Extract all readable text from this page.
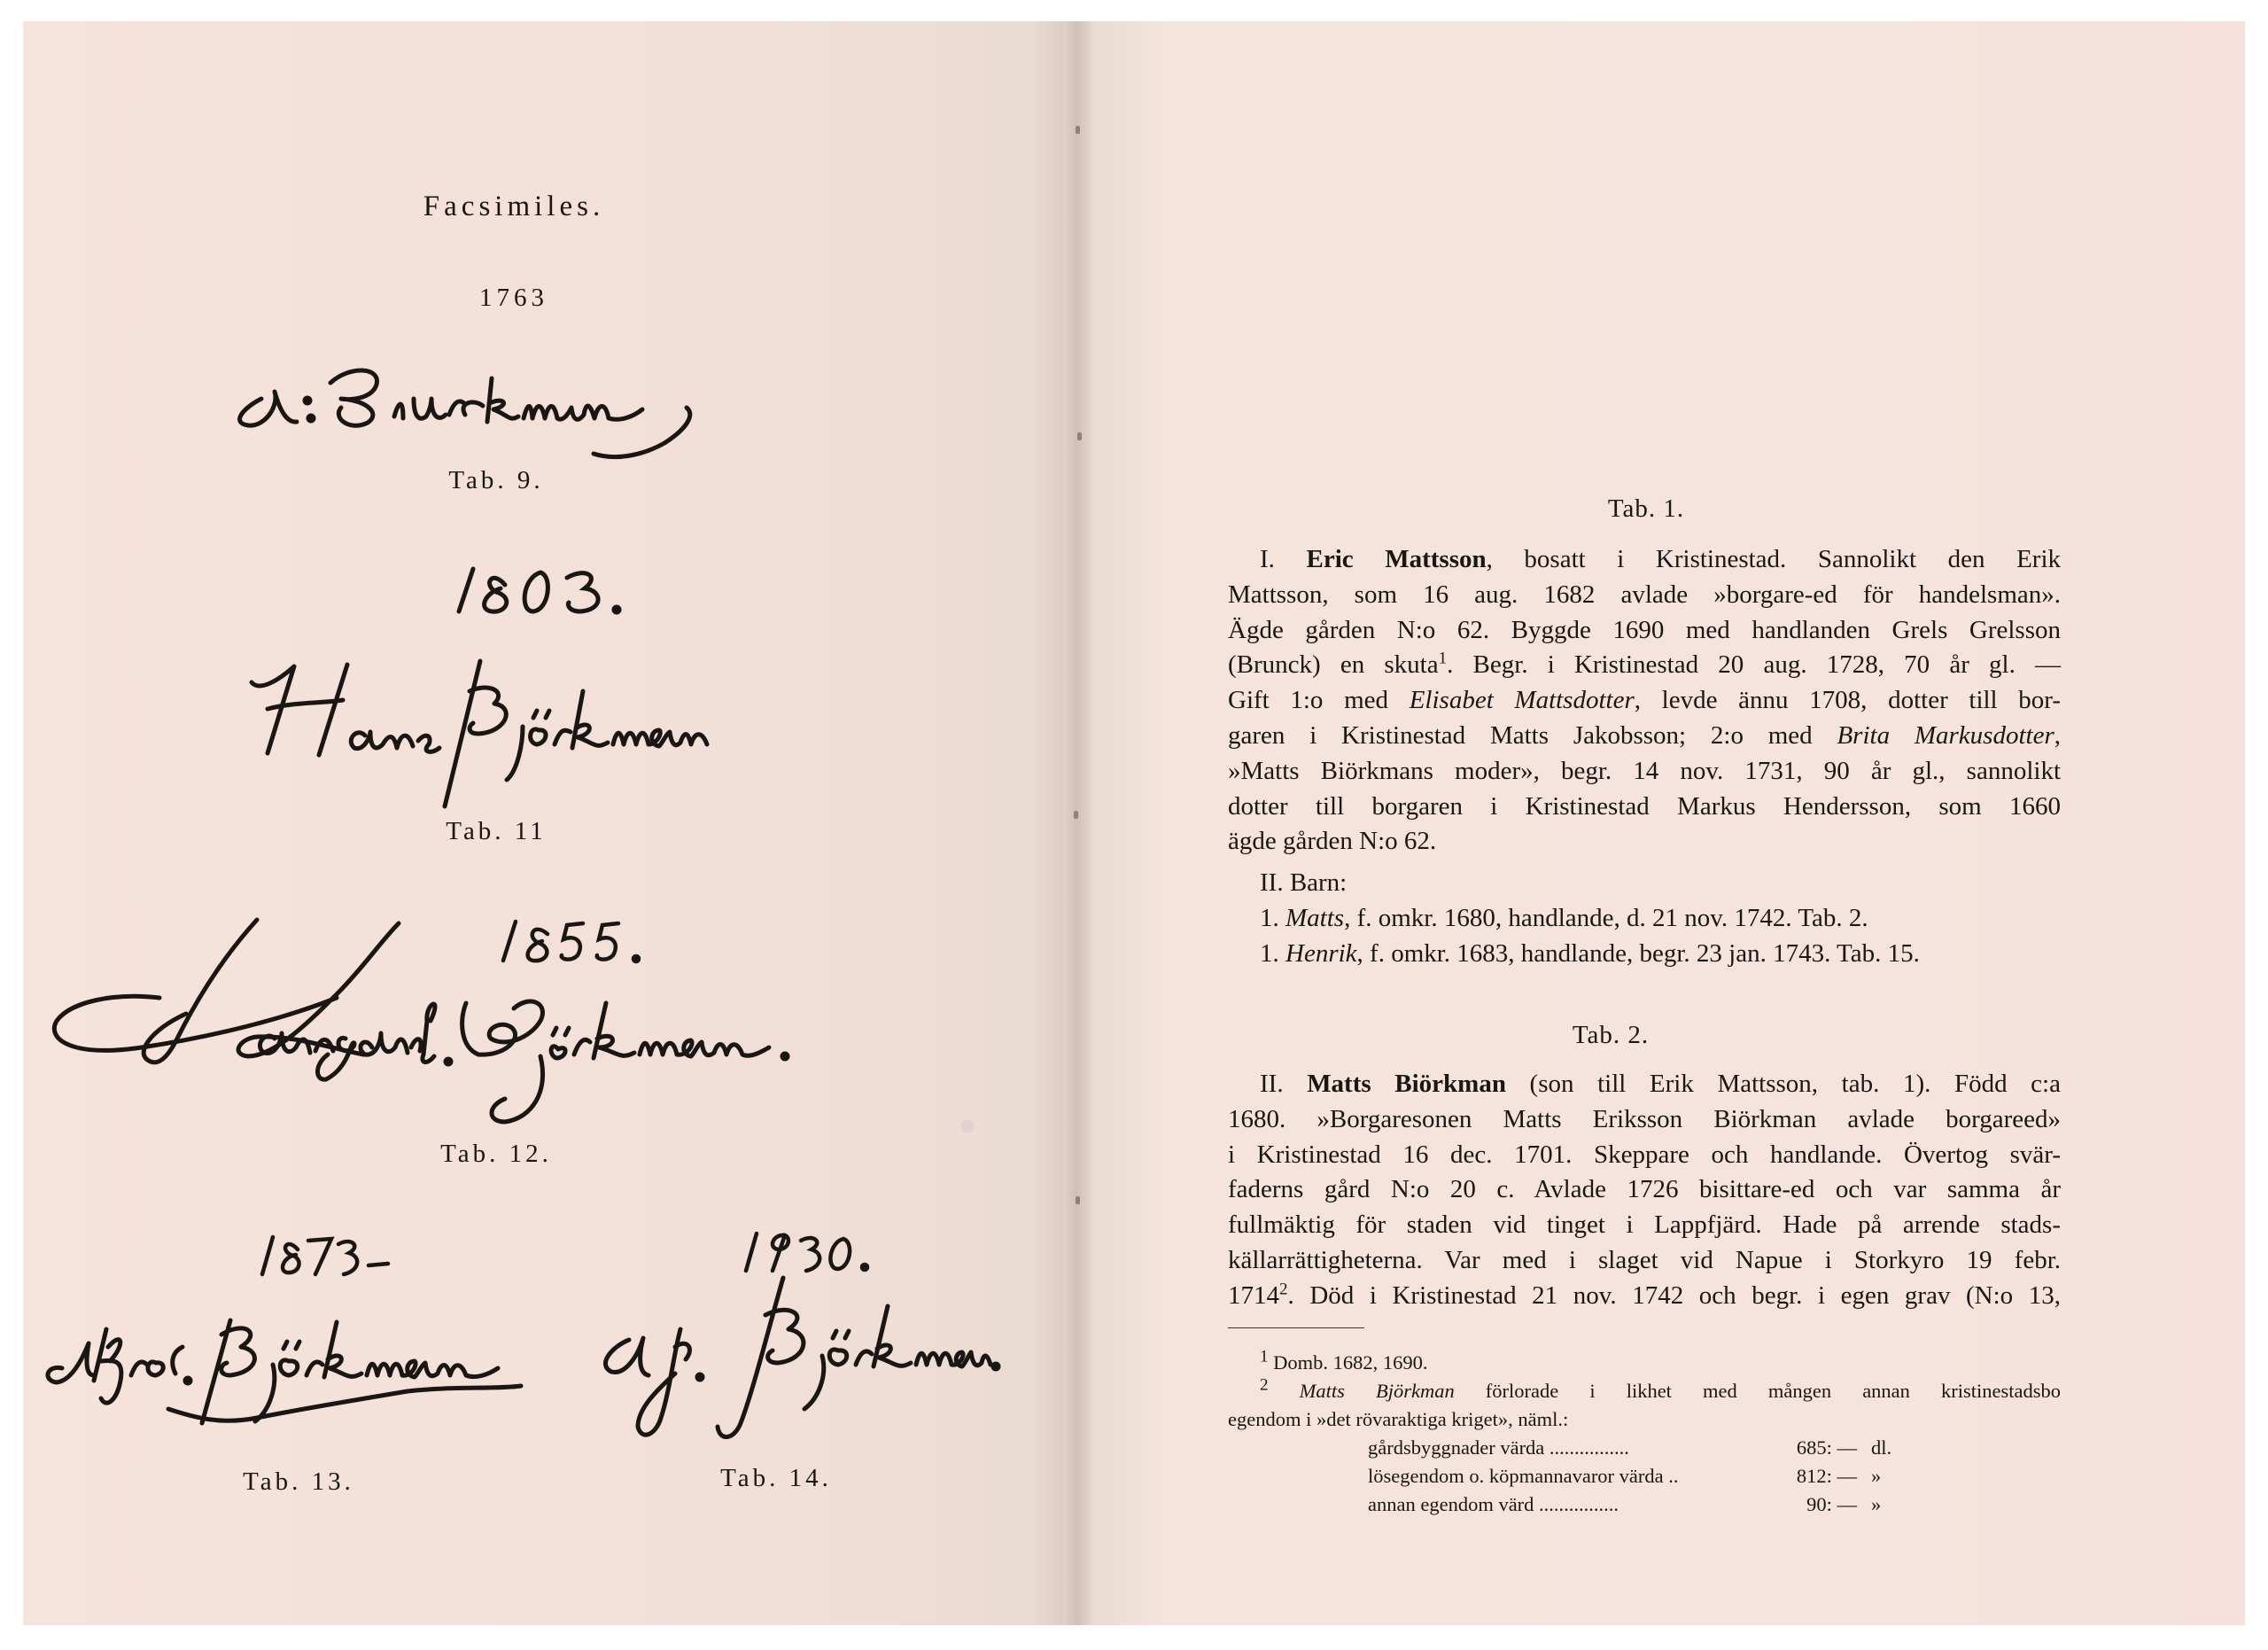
Facsimiles.
1763
Tab. 9.
Tab. 11
Tab. 12.
Tab. 13.	Tab. 14.
Tab. 1.
I. Eric Mattsson, bosatt i Kristinestad. Sannolikt den Erik
Mattsson, som 16 aug. 1682 avlade »borgare-ed för handelsman».
Ägde gården N:o 62. Byggde 1690 med handlanden Grels Grelsson
(Brunck) en skuta$^1$. Begr. i Kristinestad 20 aug. 1728, 70 år gl. —
Gift 1:o med Elisabet Mattsdotter, levde ännu 1708, dotter till bor-
garen i Kristinestad Matts Jakobsson; 2:o med Brita Markusdotter,
»Matts Biörkmans moder», begr. 14 nov. 1731, 90 år gl., sannolikt
dotter till borgaren i Kristinestad Markus Hendersson, som 1660
ägde gården N:o 62.
II. Barn:
1. Matts, f. omkr. 1680, handlande, d. 21 nov. 1742. Tab. 2.
1. Henrik, f. omkr. 1683, handlande, begr. 23 jan. 1743. Tab. 15.
Tab. 2.
II. Matts Biörkman (son till Erik Mattsson, tab. 1). Född c:a
1680. »Borgaresonen Matts Eriksson Biörkman avlade borgareed»
i Kristinestad 16 dec. 1701. Skeppare och handlande. Övertog svär-
faderns gård N:o 20 c. Avlade 1726 bisittare-ed och var samma år
fullmäktig för staden vid tinget i Lappfjärd. Hade på arrende stads-
källarrättigheterna. Var med i slaget vid Napue i Storkyro 19 febr.
1714$^2$. Död i Kristinestad 21 nov. 1742 och begr. i egen grav (N:o 13,
$^1$ Domb. 1682, 1690.
$^2$ Matts Björkman förlorade i likhet med mången annan kristinestadsbo
egendom i »det rövaraktiga kriget», näml.:
gårdsbyggnader värda ................	685: — dl.
lösegendom o. köpmannavaror värda ..	812: — »
annan egendom värd ................	90: — »
